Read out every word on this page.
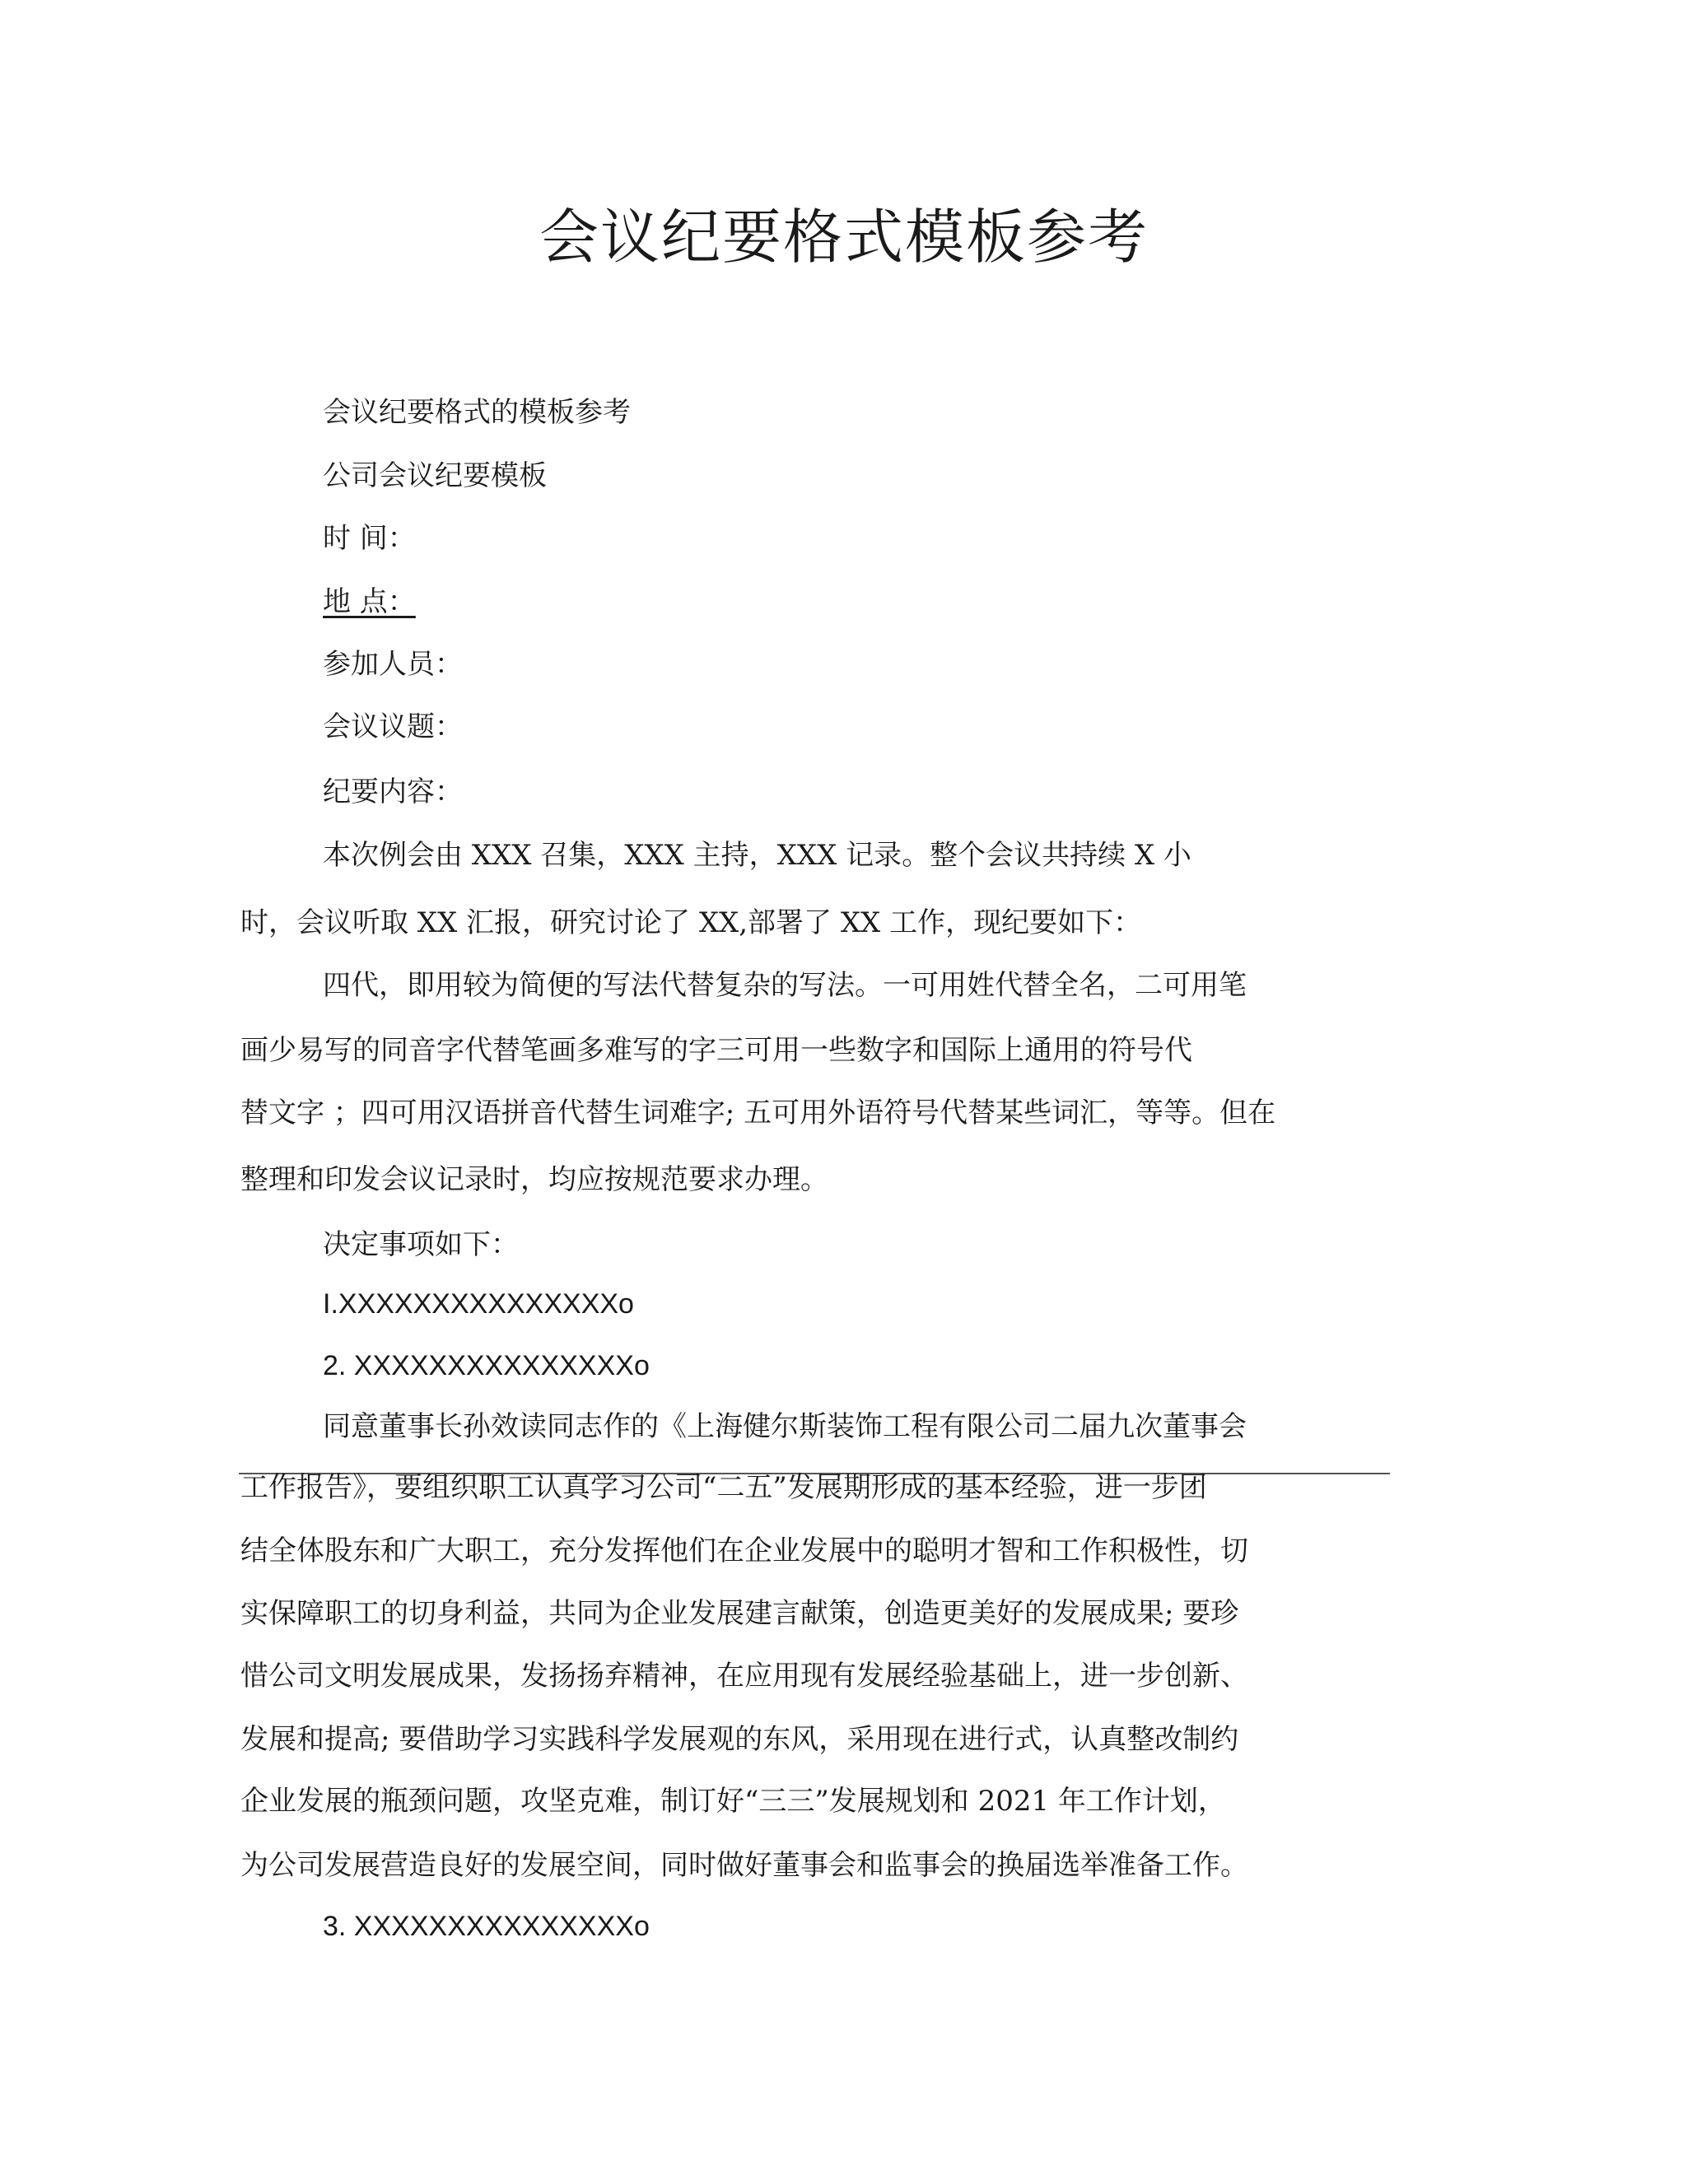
会议纪要格式模板参考
会议纪要格式的模板参考
公司会议纪要模板
时 间：
地 点：
参加人员：
会议议题：
纪要内容：
本次例会由 XXX 召集，XXX 主持，XXX 记录。整个会议共持续 X 小
时，会议听取 XX 汇报，研究讨论了 XX,部署了 XX 工作，现纪要如下：
四代，即用较为简便的写法代替复杂的写法。一可用姓代替全名，二可用笔
画少易写的同音字代替笔画多难写的字三可用一些数字和国际上通用的符号代
替文字 ；四可用汉语拼音代替生词难字; 五可用外语符号代替某些词汇，等等。但在
整理和印发会议记录时，均应按规范要求办理。
决定事项如下：
I.XXXXXXXXXXXXXXXo
2. XXXXXXXXXXXXXXXo
同意董事长孙效读同志作的《上海健尔斯装饰工程有限公司二届九次董事会
工作报告》，要组织职工认真学习公司“二五”发展期形成的基本经验，进一步团
结全体股东和广大职工，充分发挥他们在企业发展中的聪明才智和工作积极性，切
实保障职工的切身利益，共同为企业发展建言献策，创造更美好的发展成果; 要珍
惜公司文明发展成果，发扬扬弃精神，在应用现有发展经验基础上，进一步创新、
发展和提高; 要借助学习实践科学发展观的东风，采用现在进行式，认真整改制约
企业发展的瓶颈问题，攻坚克难，制订好“三三”发展规划和 2021 年工作计划，
为公司发展营造良好的发展空间，同时做好董事会和监事会的换届选举准备工作。
3. XXXXXXXXXXXXXXXo
